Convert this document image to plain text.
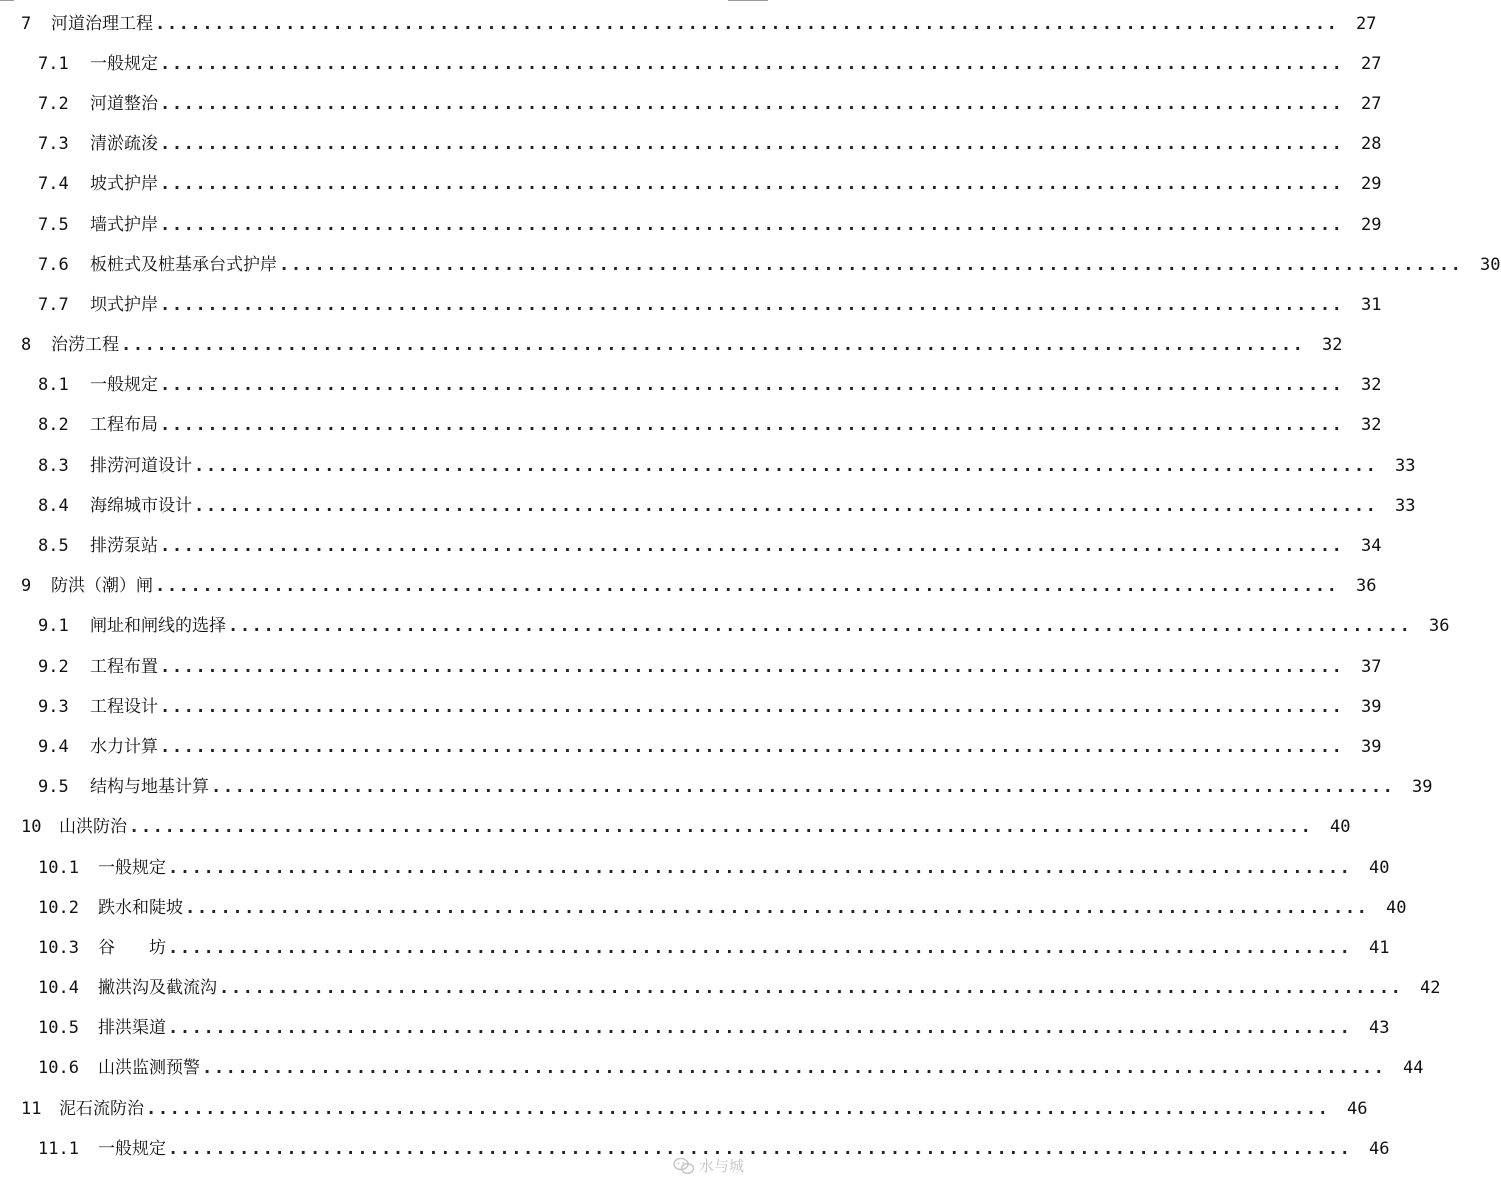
7	河道治理工程 ....................................................................................................	27
7.1	一般规定 ....................................................................................................	27
7.2	河道整治 ....................................................................................................	27
7.3	清淤疏浚 ....................................................................................................	28
7.4	坡式护岸 ....................................................................................................	29
7.5	墙式护岸 ....................................................................................................	29
7.6	板桩式及桩基承台式护岸 ....................................................................................................	30
7.7	坝式护岸 ....................................................................................................	31
8	治涝工程 ....................................................................................................	32
8.1	一般规定 ....................................................................................................	32
8.2	工程布局 ....................................................................................................	32
8.3	排涝河道设计 ....................................................................................................	33
8.4	海绵城市设计 ....................................................................................................	33
8.5	排涝泵站 ....................................................................................................	34
9	防洪（潮）闸 ....................................................................................................	36
9.1	闸址和闸线的选择 ....................................................................................................	36
9.2	工程布置 ....................................................................................................	37
9.3	工程设计 ....................................................................................................	39
9.4	水力计算 ....................................................................................................	39
9.5	结构与地基计算 ....................................................................................................	39
10	山洪防治 ....................................................................................................	40
10.1	一般规定 ....................................................................................................	40
10.2	跌水和陡坡 ....................................................................................................	40
10.3	谷　　坊 ....................................................................................................	41
10.4	撇洪沟及截流沟 ....................................................................................................	42
10.5	排洪渠道 ....................................................................................................	43
10.6	山洪监测预警 ....................................................................................................	44
11	泥石流防治 ....................................................................................................	46
11.1	一般规定 ....................................................................................................	46
水与城
